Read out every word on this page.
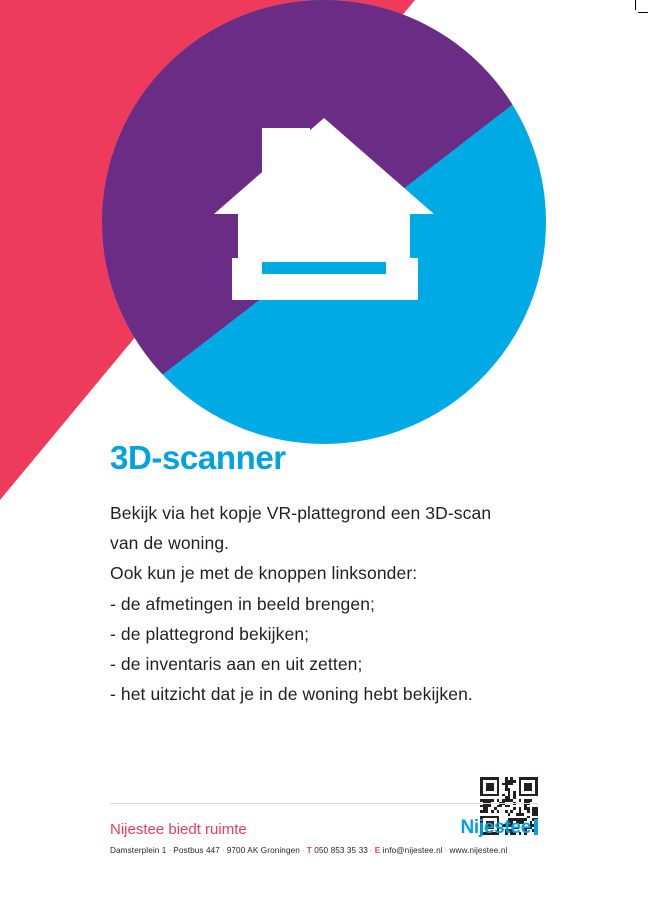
3D-scanner

Bekijk via het kopje VR-plattegrond een 3D-scan

van de woning.

Ook kun je met de knoppen linksonder:

- de afmetingen in beeld brengen;

- de plattegrond bekijken;

- de inventaris aan en uit zetten;

- het uitzicht dat je in de woning hebt bekijken.

Nijestee biedt ruimte	Nijestee
Damsterplein 1 · Postbus 447 · 9700 AK Groningen · T 050 853 35 33 · E info@nijestee.nl · www.nijestee.nl
